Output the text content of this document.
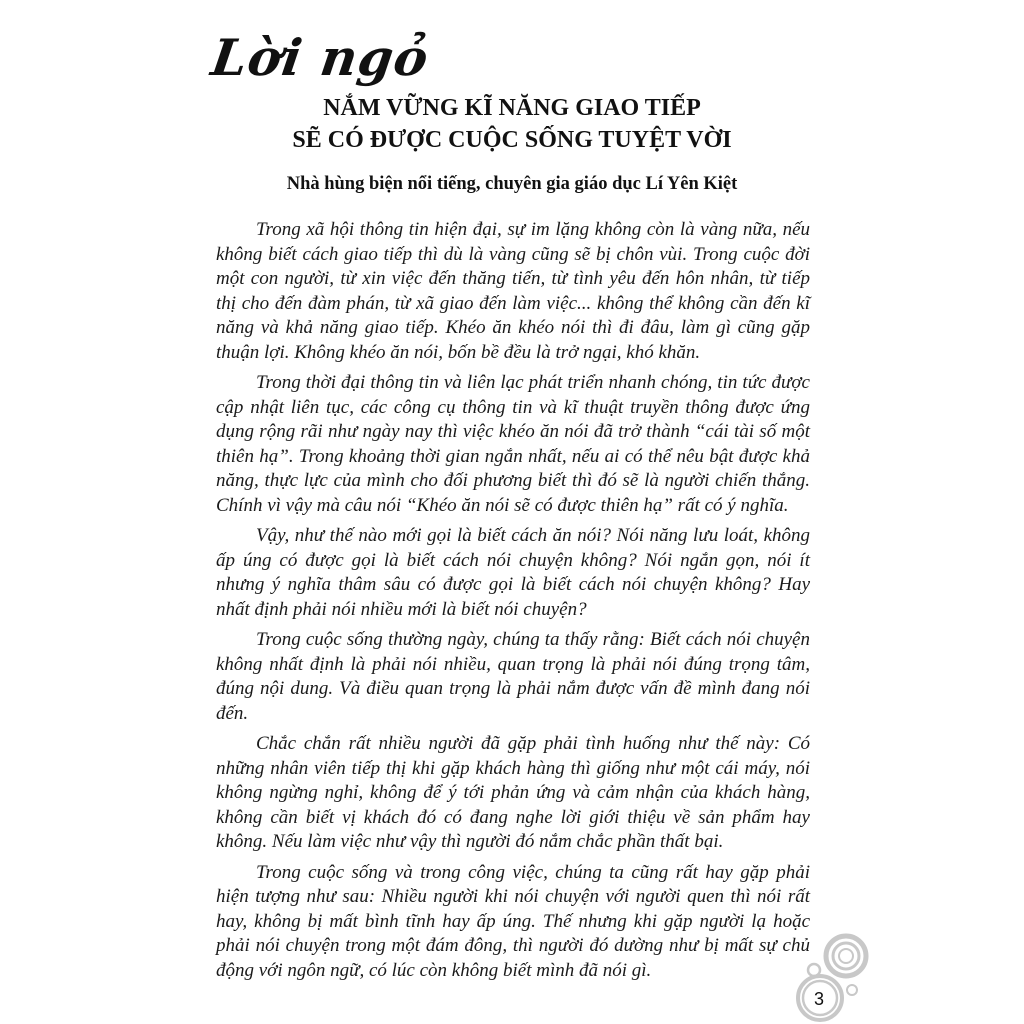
Lời ngỏ
NẮM VỮNG KĨ NĂNG GIAO TIẾP
SẼ CÓ ĐƯỢC CUỘC SỐNG TUYỆT VỜI
Nhà hùng biện nổi tiếng, chuyên gia giáo dục Lí Yên Kiệt

Trong xã hội thông tin hiện đại, sự im lặng không còn là vàng nữa, nếu không biết cách giao tiếp thì dù là vàng cũng sẽ bị chôn vùi. Trong cuộc đời một con người, từ xin việc đến thăng tiến, từ tình yêu đến hôn nhân, từ tiếp thị cho đến đàm phán, từ xã giao đến làm việc... không thể không cần đến kĩ năng và khả năng giao tiếp. Khéo ăn khéo nói thì đi đâu, làm gì cũng gặp thuận lợi. Không khéo ăn nói, bốn bề đều là trở ngại, khó khăn.

Trong thời đại thông tin và liên lạc phát triển nhanh chóng, tin tức được cập nhật liên tục, các công cụ thông tin và kĩ thuật truyền thông được ứng dụng rộng rãi như ngày nay thì việc khéo ăn nói đã trở thành “cái tài số một thiên hạ”. Trong khoảng thời gian ngắn nhất, nếu ai có thể nêu bật được khả năng, thực lực của mình cho đối phương biết thì đó sẽ là người chiến thắng. Chính vì vậy mà câu nói “Khéo ăn nói sẽ có được thiên hạ” rất có ý nghĩa.

Vậy, như thế nào mới gọi là biết cách ăn nói? Nói năng lưu loát, không ấp úng có được gọi là biết cách nói chuyện không? Nói ngắn gọn, nói ít nhưng ý nghĩa thâm sâu có được gọi là biết cách nói chuyện không? Hay nhất định phải nói nhiều mới là biết nói chuyện?

Trong cuộc sống thường ngày, chúng ta thấy rằng: Biết cách nói chuyện không nhất định là phải nói nhiều, quan trọng là phải nói đúng trọng tâm, đúng nội dung. Và điều quan trọng là phải nắm được vấn đề mình đang nói đến.

Chắc chắn rất nhiều người đã gặp phải tình huống như thế này: Có những nhân viên tiếp thị khi gặp khách hàng thì giống như một cái máy, nói không ngừng nghỉ, không để ý tới phản ứng và cảm nhận của khách hàng, không cần biết vị khách đó có đang nghe lời giới thiệu về sản phẩm hay không. Nếu làm việc như vậy thì người đó nắm chắc phần thất bại.

Trong cuộc sống và trong công việc, chúng ta cũng rất hay gặp phải hiện tượng như sau: Nhiều người khi nói chuyện với người quen thì nói rất hay, không bị mất bình tĩnh hay ấp úng. Thế nhưng khi gặp người lạ hoặc phải nói chuyện trong một đám đông, thì người đó dường như bị mất sự chủ động với ngôn ngữ, có lúc còn không biết mình đã nói gì.

3
